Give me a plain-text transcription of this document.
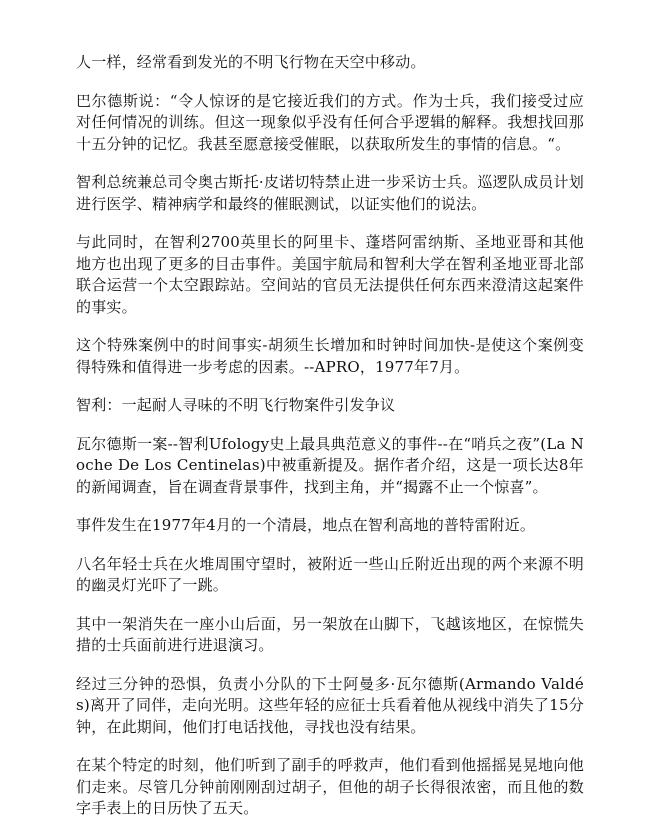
人一样，经常看到发光的不明飞行物在天空中移动。

巴尔德斯说：“令人惊讶的是它接近我们的方式。作为士兵，我们接受过应对任何情况的训练。但这一现象似乎没有任何合乎逻辑的解释。我想找回那十五分钟的记忆。我甚至愿意接受催眠，以获取所发生的事情的信息。“。

智利总统兼总司令奥古斯托·皮诺切特禁止进一步采访士兵。巡逻队成员计划进行医学、精神病学和最终的催眠测试，以证实他们的说法。

与此同时，在智利2700英里长的阿里卡、蓬塔阿雷纳斯、圣地亚哥和其他地方也出现了更多的目击事件。美国宇航局和智利大学在智利圣地亚哥北部联合运营一个太空跟踪站。空间站的官员无法提供任何东西来澄清这起案件的事实。

这个特殊案例中的时间事实-胡须生长增加和时钟时间加快-是使这个案例变得特殊和值得进一步考虑的因素。--APRO，1977年7月。

智利：一起耐人寻味的不明飞行物案件引发争议

瓦尔德斯一案--智利Ufology史上最具典范意义的事件--在“哨兵之夜”(La Noche De Los Centinelas)中被重新提及。据作者介绍，这是一项长达8年的新闻调查，旨在调查背景事件，找到主角，并“揭露不止一个惊喜”。

事件发生在1977年4月的一个清晨，地点在智利高地的普特雷附近。

八名年轻士兵在火堆周围守望时，被附近一些山丘附近出现的两个来源不明的幽灵灯光吓了一跳。

其中一架消失在一座小山后面，另一架放在山脚下，飞越该地区，在惊慌失措的士兵面前进行进退演习。

经过三分钟的恐惧，负责小分队的下士阿曼多·瓦尔德斯(Armando Valdés)离开了同伴，走向光明。这些年轻的应征士兵看着他从视线中消失了15分钟，在此期间，他们打电话找他，寻找也没有结果。

在某个特定的时刻，他们听到了副手的呼救声，他们看到他摇摇晃晃地向他们走来。尽管几分钟前刚刚刮过胡子，但他的胡子长得很浓密，而且他的数字手表上的日历快了五天。
